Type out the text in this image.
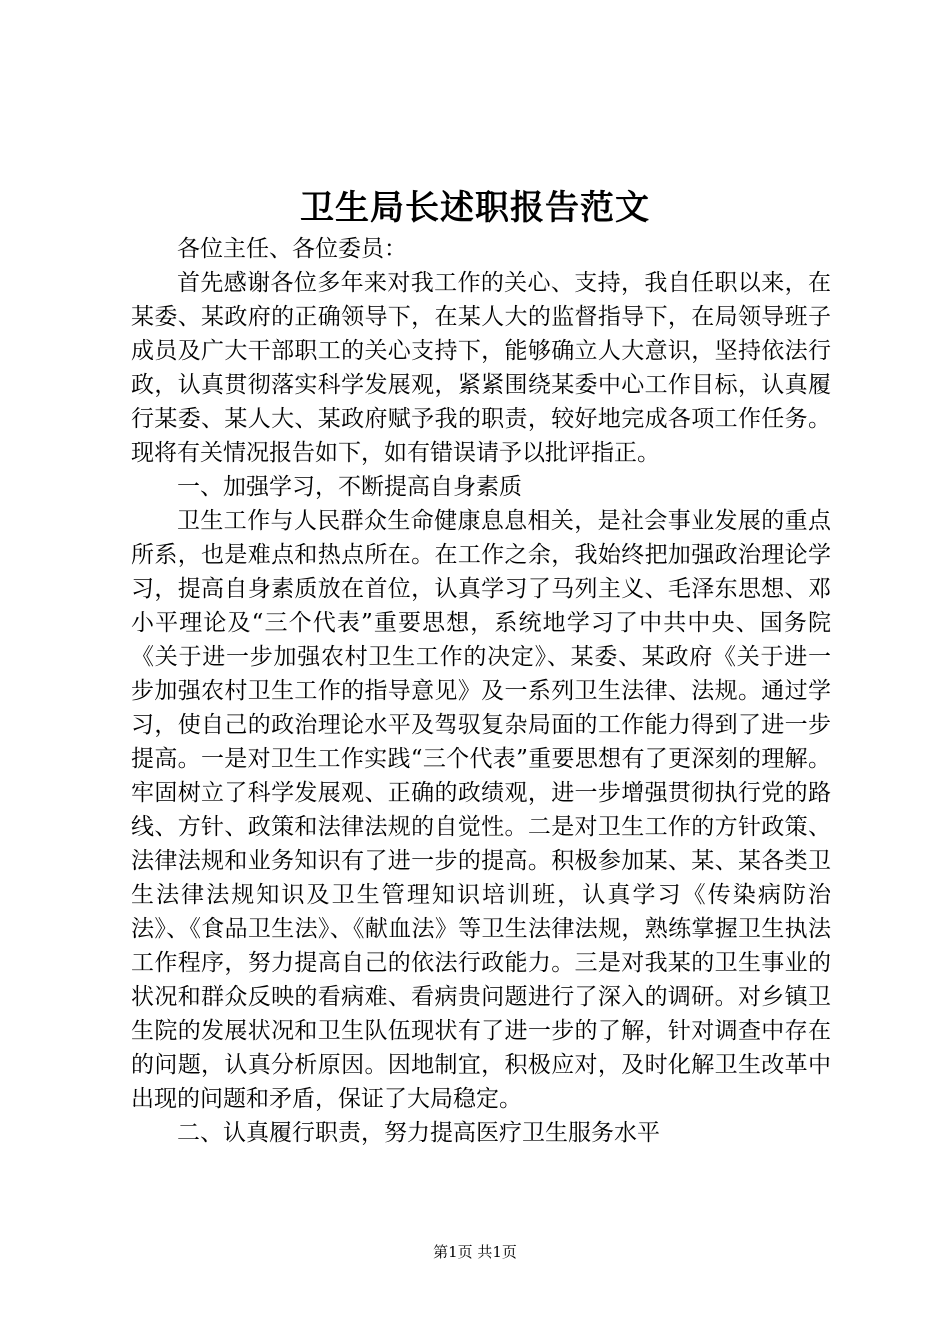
卫生局长述职报告范文

各位主任、各位委员：

首先感谢各位多年来对我工作的关心、支持，我自任职以来，在某委、某政府的正确领导下，在某人大的监督指导下，在局领导班子成员及广大干部职工的关心支持下，能够确立人大意识，坚持依法行政，认真贯彻落实科学发展观，紧紧围绕某委中心工作目标，认真履行某委、某人大、某政府赋予我的职责，较好地完成各项工作任务。现将有关情况报告如下，如有错误请予以批评指正。

一、加强学习，不断提高自身素质

卫生工作与人民群众生命健康息息相关，是社会事业发展的重点所系，也是难点和热点所在。在工作之余，我始终把加强政治理论学习，提高自身素质放在首位，认真学习了马列主义、毛泽东思想、邓小平理论及“三个代表”重要思想，系统地学习了中共中央、国务院《关于进一步加强农村卫生工作的决定》、某委、某政府《关于进一步加强农村卫生工作的指导意见》及一系列卫生法律、法规。通过学习，使自己的政治理论水平及驾驭复杂局面的工作能力得到了进一步提高。一是对卫生工作实践“三个代表”重要思想有了更深刻的理解。牢固树立了科学发展观、正确的政绩观，进一步增强贯彻执行党的路线、方针、政策和法律法规的自觉性。二是对卫生工作的方针政策、法律法规和业务知识有了进一步的提高。积极参加某、某、某各类卫生法律法规知识及卫生管理知识培训班，认真学习《传染病防治法》、《食品卫生法》、《献血法》等卫生法律法规，熟练掌握卫生执法工作程序，努力提高自己的依法行政能力。三是对我某的卫生事业的状况和群众反映的看病难、看病贵问题进行了深入的调研。对乡镇卫生院的发展状况和卫生队伍现状有了进一步的了解，针对调查中存在的问题，认真分析原因。因地制宜，积极应对，及时化解卫生改革中出现的问题和矛盾，保证了大局稳定。

二、认真履行职责，努力提高医疗卫生服务水平

第1页 共1页
